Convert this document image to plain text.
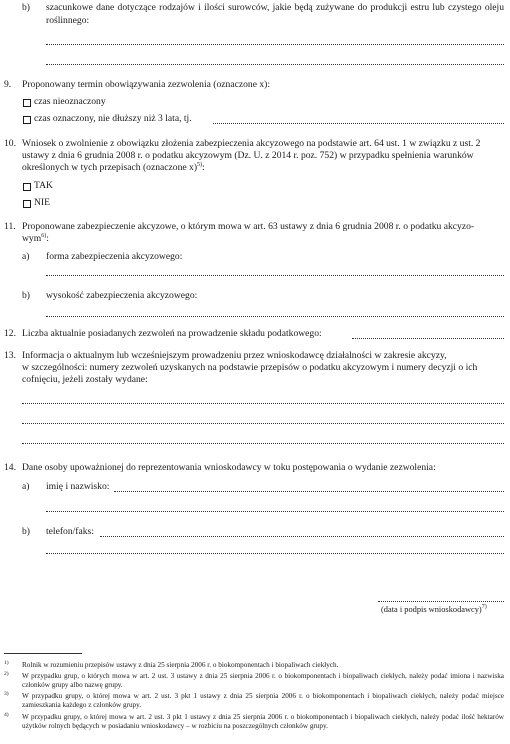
b) szacunkowe dane dotyczące rodzajów i ilości surowców, jakie będą zużywane do produkcji estru lub czystego oleju roślinnego:
9. Proponowany termin obowiązywania zezwolenia (oznaczone x):
czas nieoznaczony
czas oznaczony, nie dłuższy niż 3 lata, tj.
10. Wniosek o zwolnienie z obowiązku złożenia zabezpieczenia akcyzowego na podstawie art. 64 ust. 1 w związku z ust. 2
ustawy z dnia 6 grudnia 2008 r. o podatku akcyzowym (Dz. U. z 2014 r. poz. 752) w przypadku spełnienia warunków
określonych w tych przepisach (oznaczone x)$^{5)}$:
TAK
NIE
11. Proponowane zabezpieczenie akcyzowe, o którym mowa w art. 63 ustawy z dnia 6 grudnia 2008 r. o podatku akcyzo-
wym$^{6)}$:
a) forma zabezpieczenia akcyzowego:
b) wysokość zabezpieczenia akcyzowego:
12. Liczba aktualnie posiadanych zezwoleń na prowadzenie składu podatkowego:
13. Informacja o aktualnym lub wcześniejszym prowadzeniu przez wnioskodawcę działalności w zakresie akcyzy,
w szczególności: numery zezwoleń uzyskanych na podstawie przepisów o podatku akcyzowym i numery decyzji o ich
cofnięciu, jeżeli zostały wydane:
14. Dane osoby upoważnionej do reprezentowania wnioskodawcy w toku postępowania o wydanie zezwolenia:
a) imię i nazwisko:
b) telefon/faks:
(data i podpis wnioskodawcy)$^{7)}$
1) Rolnik w rozumieniu przepisów ustawy z dnia 25 sierpnia 2006 r. o biokomponentach i biopaliwach ciekłych.
2) W przypadku grup, o których mowa w art. 2 ust. 3 ustawy z dnia 25 sierpnia 2006 r. o biokomponentach i biopaliwach ciekłych, należy podać imiona i nazwiska członków grupy albo nazwę grupy.
3) W przypadku grupy, o której mowa w art. 2 ust. 3 pkt 1 ustawy z dnia 25 sierpnia 2006 r. o biokomponentach i biopaliwach ciekłych, należy podać miejsce zamieszkania każdego z członków grupy.
4) W przypadku grupy, o której mowa w art. 2 ust. 3 pkt 1 ustawy z dnia 25 sierpnia 2006 r. o biokomponentach i biopaliwach ciekłych, należy podać ilość hektarów użytków rolnych będących w posiadaniu wnioskodawcy – w rozbiciu na poszczególnych członków grupy.
